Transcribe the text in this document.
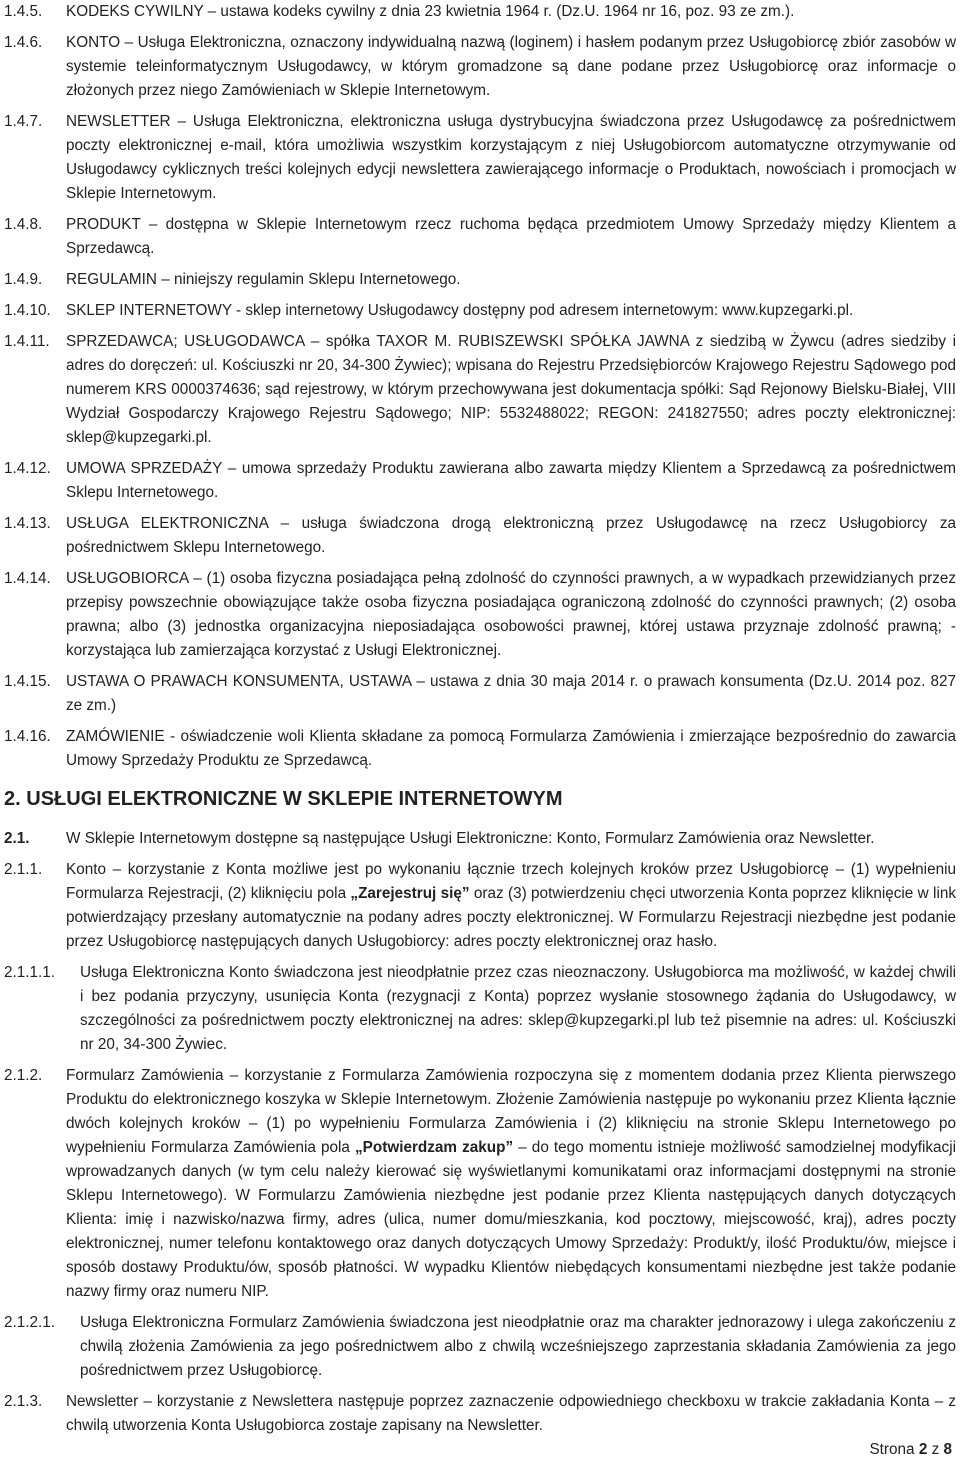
1.4.5. KODEKS CYWILNY – ustawa kodeks cywilny z dnia 23 kwietnia 1964 r. (Dz.U. 1964 nr 16, poz. 93 ze zm.).
1.4.6. KONTO – Usługa Elektroniczna, oznaczony indywidualną nazwą (loginem) i hasłem podanym przez Usługobiorcę zbiór zasobów w systemie teleinformatycznym Usługodawcy, w którym gromadzone są dane podane przez Usługobiorcę oraz informacje o złożonych przez niego Zamówieniach w Sklepie Internetowym.
1.4.7. NEWSLETTER – Usługa Elektroniczna, elektroniczna usługa dystrybucyjna świadczona przez Usługodawcę za pośrednictwem poczty elektronicznej e-mail, która umożliwia wszystkim korzystającym z niej Usługobiorcom automatyczne otrzymywanie od Usługodawcy cyklicznych treści kolejnych edycji newslettera zawierającego informacje o Produktach, nowościach i promocjach w Sklepie Internetowym.
1.4.8. PRODUKT – dostępna w Sklepie Internetowym rzecz ruchoma będąca przedmiotem Umowy Sprzedaży między Klientem a Sprzedawcą.
1.4.9. REGULAMIN – niniejszy regulamin Sklepu Internetowego.
1.4.10. SKLEP INTERNETOWY - sklep internetowy Usługodawcy dostępny pod adresem internetowym: www.kupzegarki.pl.
1.4.11. SPRZEDAWCA; USŁUGODAWCA – spółka TAXOR M. RUBISZEWSKI SPÓŁKA JAWNA z siedzibą w Żywcu (adres siedziby i adres do doręczeń: ul. Kościuszki nr 20, 34-300 Żywiec); wpisana do Rejestru Przedsiębiorców Krajowego Rejestru Sądowego pod numerem KRS 0000374636; sąd rejestrowy, w którym przechowywana jest dokumentacja spółki: Sąd Rejonowy Bielsku-Białej, VIII Wydział Gospodarczy Krajowego Rejestru Sądowego; NIP: 5532488022; REGON: 241827550; adres poczty elektronicznej: sklep@kupzegarki.pl.
1.4.12. UMOWA SPRZEDAŻY – umowa sprzedaży Produktu zawierana albo zawarta między Klientem a Sprzedawcą za pośrednictwem Sklepu Internetowego.
1.4.13. USŁUGA ELEKTRONICZNA – usługa świadczona drogą elektroniczną przez Usługodawcę na rzecz Usługobiorcy za pośrednictwem Sklepu Internetowego.
1.4.14. USŁUGOBIORCA – (1) osoba fizyczna posiadająca pełną zdolność do czynności prawnych, a w wypadkach przewidzianych przez przepisy powszechnie obowiązujące także osoba fizyczna posiadająca ograniczoną zdolność do czynności prawnych; (2) osoba prawna; albo (3) jednostka organizacyjna nieposiadająca osobowości prawnej, której ustawa przyznaje zdolność prawną; - korzystająca lub zamierzająca korzystać z Usługi Elektronicznej.
1.4.15. USTAWA O PRAWACH KONSUMENTA, USTAWA – ustawa z dnia 30 maja 2014 r. o prawach konsumenta (Dz.U. 2014 poz. 827 ze zm.)
1.4.16. ZAMÓWIENIE - oświadczenie woli Klienta składane za pomocą Formularza Zamówienia i zmierzające bezpośrednio do zawarcia Umowy Sprzedaży Produktu ze Sprzedawcą.
2. USŁUGI ELEKTRONICZNE W SKLEPIE INTERNETOWYM
2.1. W Sklepie Internetowym dostępne są następujące Usługi Elektroniczne: Konto, Formularz Zamówienia oraz Newsletter.
2.1.1. Konto – korzystanie z Konta możliwe jest po wykonaniu łącznie trzech kolejnych kroków przez Usługobiorcę – (1) wypełnieniu Formularza Rejestracji, (2) kliknięciu pola „Zarejestruj się” oraz (3) potwierdzeniu chęci utworzenia Konta poprzez kliknięcie w link potwierdzający przesłany automatycznie na podany adres poczty elektronicznej. W Formularzu Rejestracji niezbędne jest podanie przez Usługobiorcę następujących danych Usługobiorcy: adres poczty elektronicznej oraz hasło.
2.1.1.1. Usługa Elektroniczna Konto świadczona jest nieodpłatnie przez czas nieoznaczony. Usługobiorca ma możliwość, w każdej chwili i bez podania przyczyny, usunięcia Konta (rezygnacji z Konta) poprzez wysłanie stosownego żądania do Usługodawcy, w szczególności za pośrednictwem poczty elektronicznej na adres: sklep@kupzegarki.pl lub też pisemnie na adres: ul. Kościuszki nr 20, 34-300 Żywiec.
2.1.2. Formularz Zamówienia – korzystanie z Formularza Zamówienia rozpoczyna się z momentem dodania przez Klienta pierwszego Produktu do elektronicznego koszyka w Sklepie Internetowym. Złożenie Zamówienia następuje po wykonaniu przez Klienta łącznie dwóch kolejnych kroków – (1) po wypełnieniu Formularza Zamówienia i (2) kliknięciu na stronie Sklepu Internetowego po wypełnieniu Formularza Zamówienia pola „Potwierdzam zakup” – do tego momentu istnieje możliwość samodzielnej modyfikacji wprowadzanych danych (w tym celu należy kierować się wyświetlanymi komunikatami oraz informacjami dostępnymi na stronie Sklepu Internetowego). W Formularzu Zamówienia niezbędne jest podanie przez Klienta następujących danych dotyczących Klienta: imię i nazwisko/nazwa firmy, adres (ulica, numer domu/mieszkania, kod pocztowy, miejscowość, kraj), adres poczty elektronicznej, numer telefonu kontaktowego oraz danych dotyczących Umowy Sprzedaży: Produkt/y, ilość Produktu/ów, miejsce i sposób dostawy Produktu/ów, sposób płatności. W wypadku Klientów niebędących konsumentami niezbędne jest także podanie nazwy firmy oraz numeru NIP.
2.1.2.1. Usługa Elektroniczna Formularz Zamówienia świadczona jest nieodpłatnie oraz ma charakter jednorazowy i ulega zakończeniu z chwilą złożenia Zamówienia za jego pośrednictwem albo z chwilą wcześniejszego zaprzestania składania Zamówienia za jego pośrednictwem przez Usługobiorcę.
2.1.3. Newsletter – korzystanie z Newslettera następuje poprzez zaznaczenie odpowiedniego checkboxu w trakcie zakładania Konta – z chwilą utworzenia Konta Usługobiorca zostaje zapisany na Newsletter.
Strona 2 z 8
